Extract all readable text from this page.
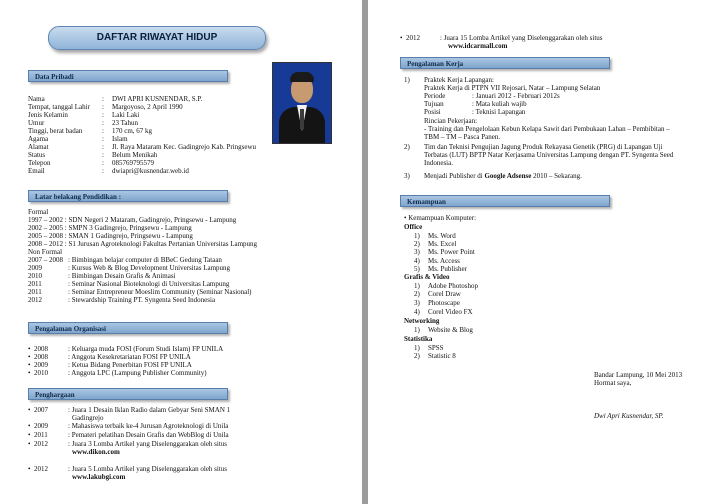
DAFTAR RIWAYAT HIDUP
Data Pribadi
Nama	: DWI APRI KUSNENDAR, S.P.
Tempat, tanggal Lahir : Margoyoso, 2 April 1990
Jenis Kelamin	: Laki Laki
Umur	: 23 Tahun
Tinggi, berat badan	: 170 cm, 67 kg
Agama	: Islam
Alamat	: Jl. Raya Mataram Kec. Gadingrejo Kab. Pringsewu
Status	: Belum Menikah
Telepon	: 085769795579
Email	: dwiapri@kusnendar.web.id
Latar belakang Pendidikan :
Formal
1997 – 2002 : SDN Negeri 2 Mataram, Gadingrejo, Pringsewu - Lampung
2002 – 2005 : SMPN 3 Gadingrejo, Pringsewu - Lampung
2005 – 2008 : SMAN 1 Gadingrejo, Pringsewu - Lampung
2008 – 2012 : S1 Jurusan Agroteknologi Fakultas Pertanian Universitas Lampung
Non Formal
2007 – 2008 : Bimbingan belajar computer di BBeC Gedung Tataan
2009	: Kursus Web & Blog Development Universitas Lampung
2010	: Bimbingan Desain Grafis & Animasi
2011	: Seminar Nasional Bioteknologi di Universitas Lampung
2011	: Seminar Entrepreneur Moeslim Community (Seminar Nasional)
2012	: Stewardship Training PT. Syngenta Seed Indonesia
Pengalaman Organisasi
• 2008	: Keluarga muda FOSI (Forum Studi Islam) FP UNILA
• 2008	: Anggota Kesekretariatan FOSI FP UNILA
• 2009	: Ketua Bidang Penerbitan FOSI FP UNILA
• 2010	: Anggota LPC (Lampung Publisher Community)
Penghargaan
• 2007	: Juara 1 Desain Iklan Radio dalam Gebyar Seni SMAN 1
Gadingrejo
• 2009	: Mahasiswa terbaik ke-4 Jurusan Agroteknologi di Unila
• 2011	: Pemateri pelatihan Desain Grafis dan WebBlog di Unila
• 2012	: Juara 3 Lomba Artikel yang Diselenggarakan oleh situs
www.dikon.com
• 2012	: Juara 5 Lomba Artikel yang Diselenggarakan oleh situs
www.lakubgi.com
• 2012	: Juara 15 Lomba Artikel yang Diselenggarakan oleh situs
www.idcarmall.com
Pengalaman Kerja
1) Praktek Kerja Lapangan:
Praktek Kerja di PTPN VII Rejosari, Natar – Lampung Selatan
Periode	: Januari 2012 - Februari 2012s
Tujuan	: Mata kuliah wajib
Posisi	: Teknisi Lapangan
Rincian Pekerjaan:
- Training dan Pengelolaan Kebun Kelapa Sawit dari Pembukaan Lahan – Pembibitan –
TBM – TM – Pasca Panen.
2) Tim dan Teknisi Pengujian Jagung Produk Rekayasa Genetik (PRG) di Lapangan Uji
Terbatas (LUT) BPTP Natar Kerjasama Universitas Lampung dengan PT. Syngenta Seed
Indonesia.
3) Menjadi Publisher di Google Adsense 2010 – Sekarang.
Kemampuan
• Kemampuan Komputer:
Office
1) Ms. Word
2) Ms. Excel
3) Ms. Power Point
4) Ms. Access
5) Ms. Publisher
Grafis & Video
1) Adobe Photoshop
2) Corel Draw
3) Photoscape
4) Corel Video FX
Networking
1) Website & Blog
Statistika
1) SPSS
2) Statistic 8
Bandar Lampung, 10 Mei 2013
Hormat saya,
Dwi Apri Kusnendar, SP.
